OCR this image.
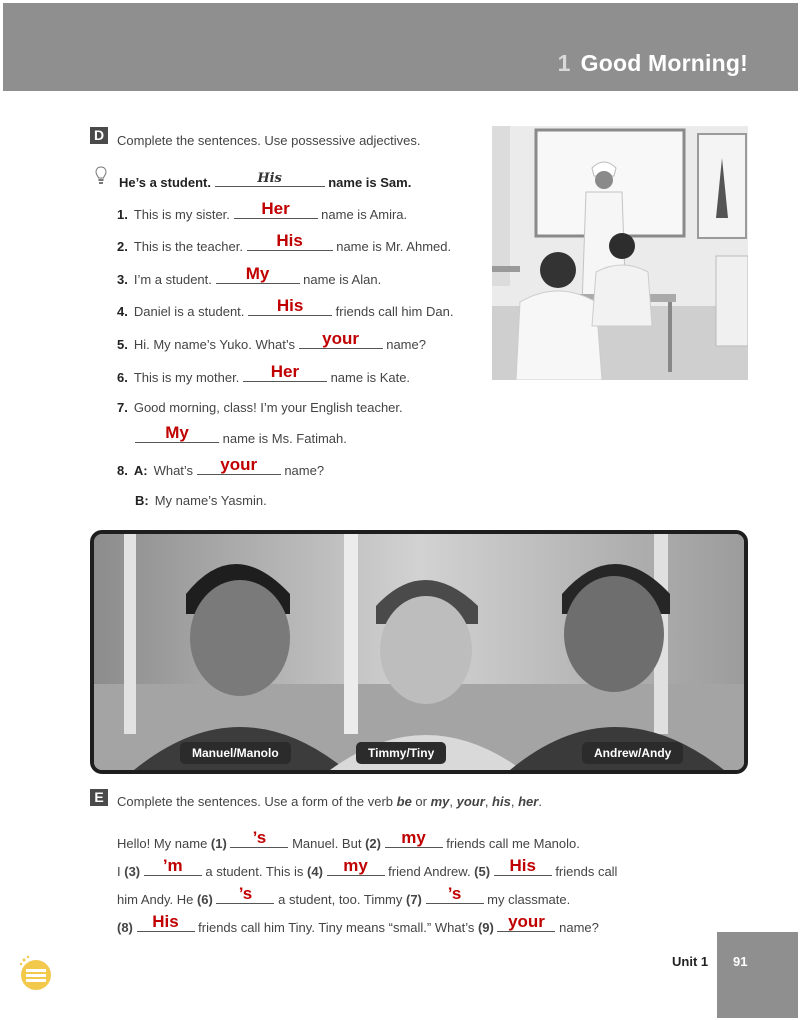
1 Good Morning!
D Complete the sentences. Use possessive adjectives.
He’s a student.	His	name is Sam.
1. This is my sister.	Her	name is Amira.
2. This is the teacher.	His	name is Mr. Ahmed.
3. I’m a student.	My	name is Alan.
4. Daniel is a student.	His	friends call him Dan.
5. Hi. My name’s Yuko. What’s	your	name?
6. This is my mother.	Her	name is Kate.
7. Good morning, class! I’m your English teacher.
My	name is Ms. Fatimah.
8. A: What’s	your	name?
B: My name’s Yasmin.
Manuel/Manolo	Timmy/Tiny	Andrew/Andy
E	Complete the sentences. Use a form of the verb be or my, your, his, her.
Hello! My name (1)	’s	Manuel. But (2)	my	friends call me Manolo.
I (3)	’m	a student. This is (4)	my	friend Andrew. (5)	His	friends call
him Andy. He (6)	’s	a student, too. Timmy (7)	’s	my classmate.
(8)	His	friends call him Tiny. Tiny means “small.” What’s (9) your	name?
Unit 1 91
